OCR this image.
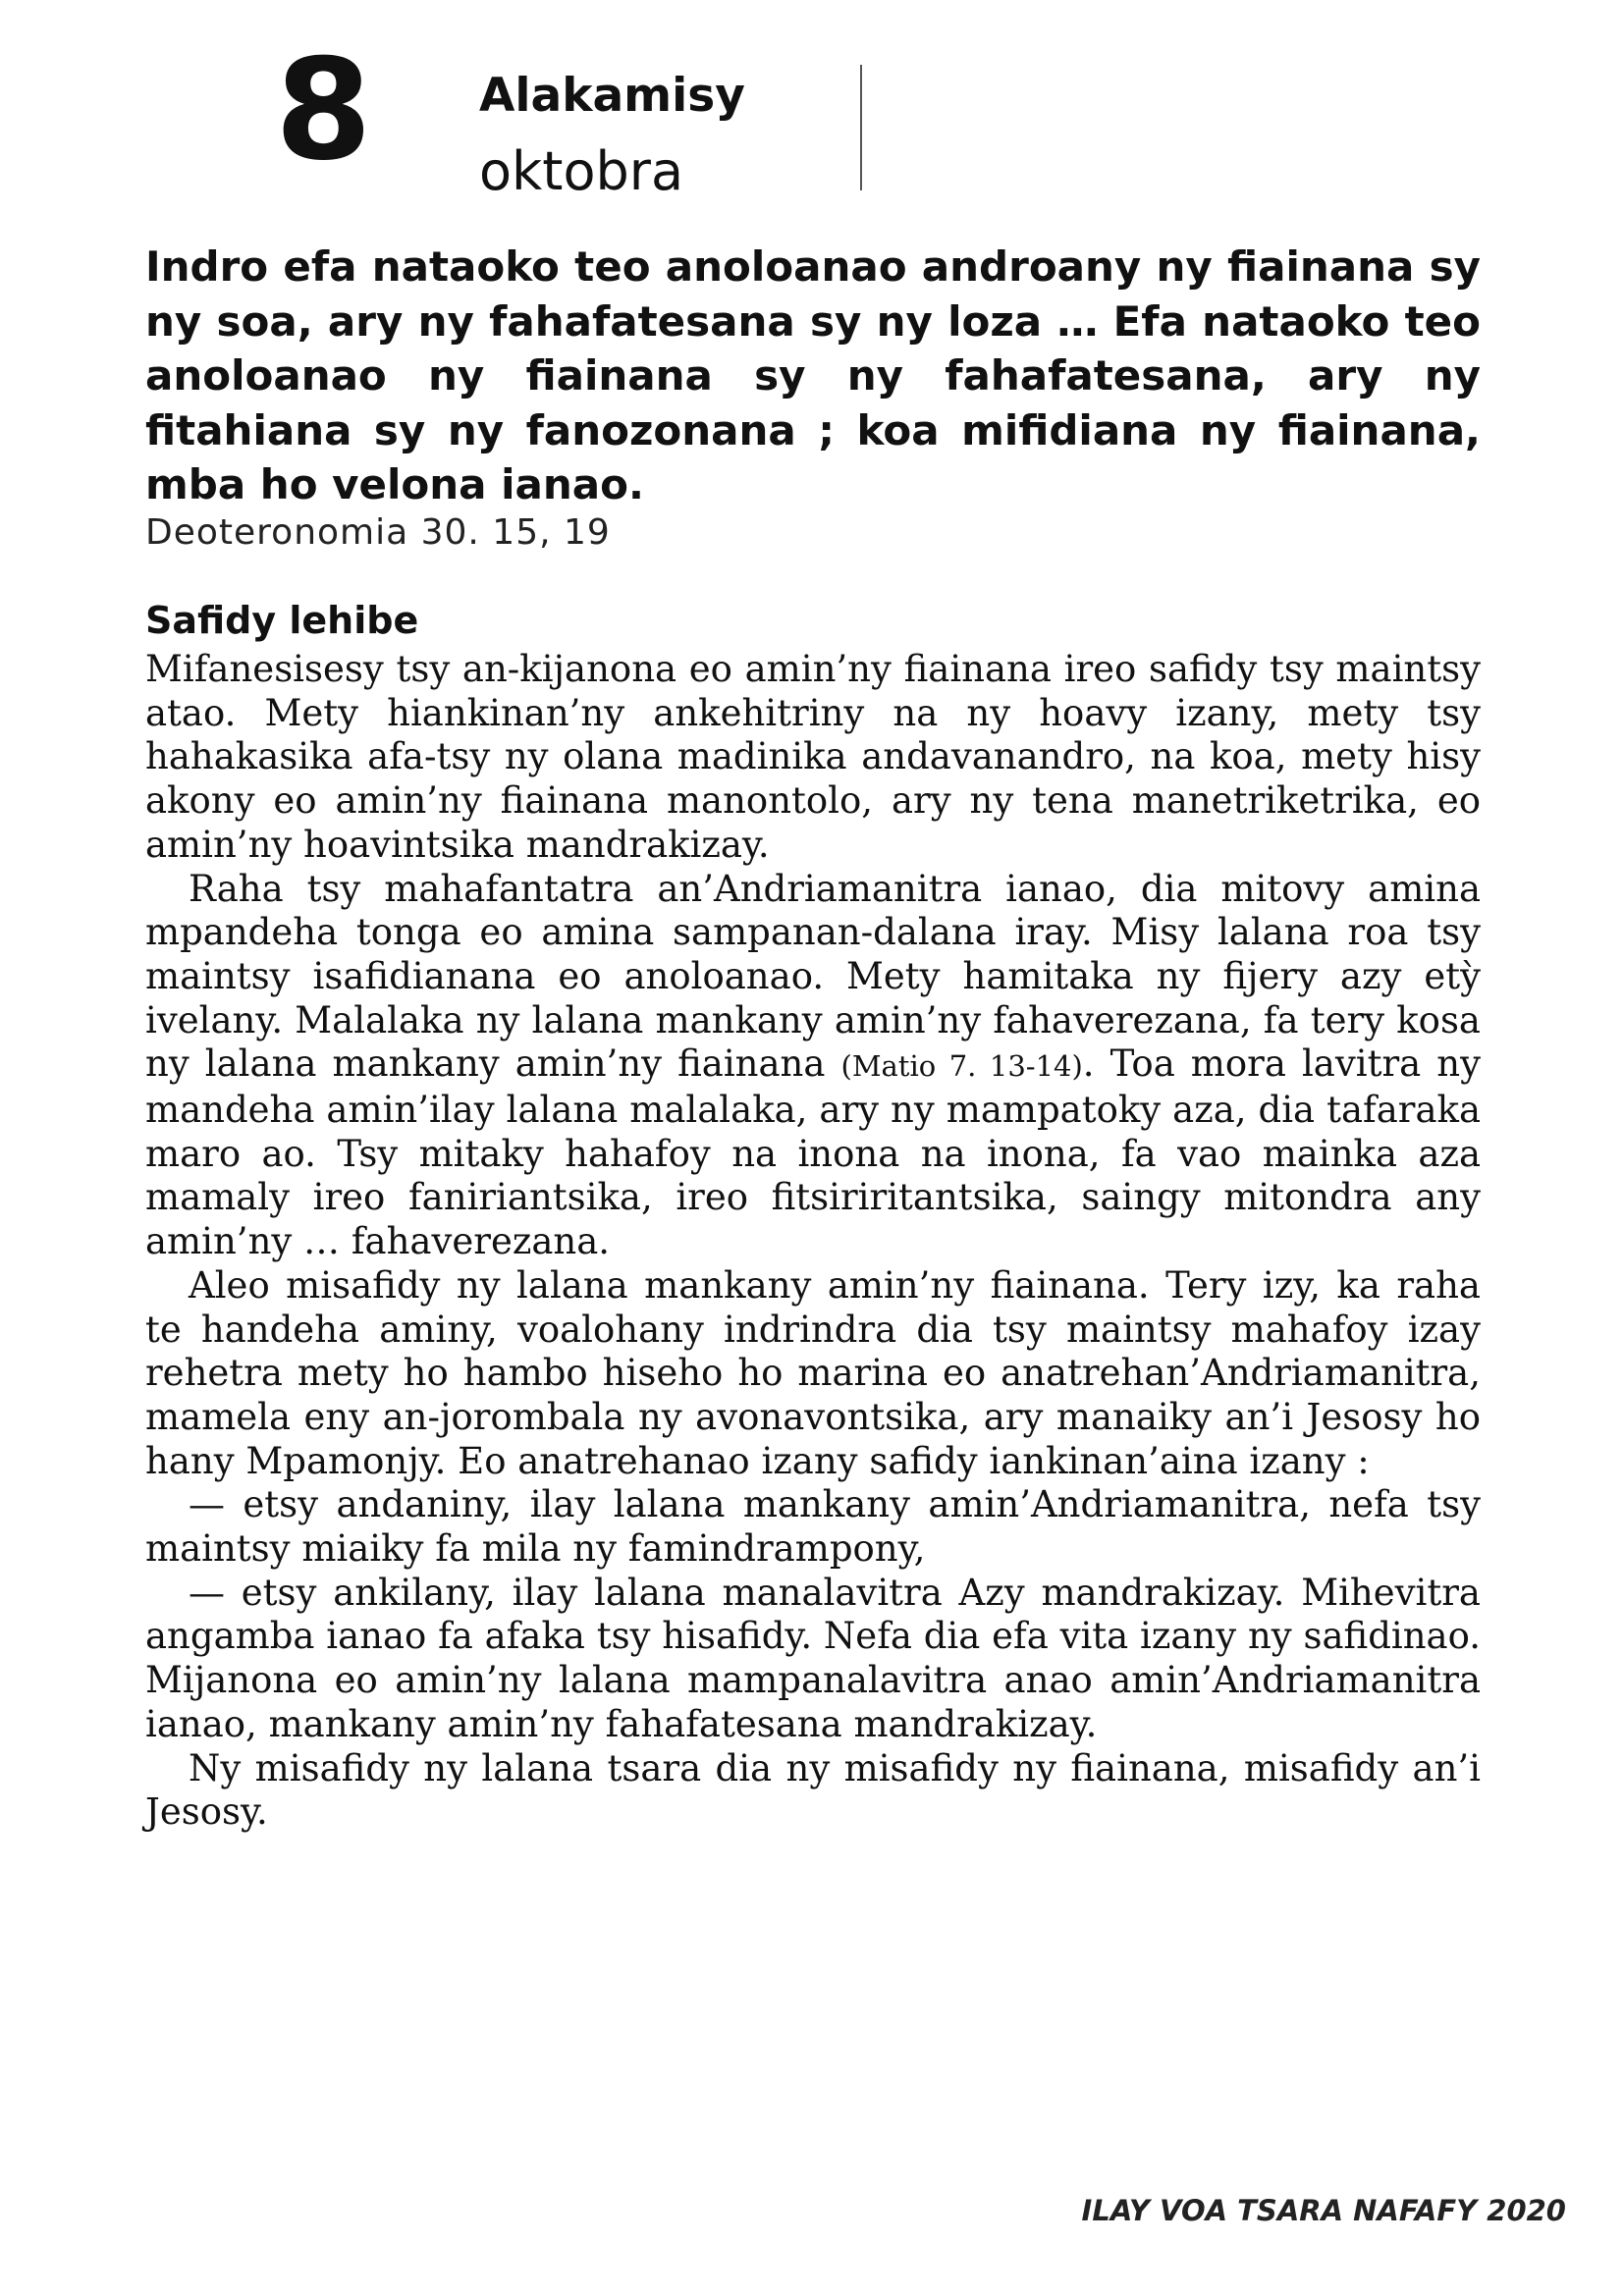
8 Alakamisy
oktobra

Indro efa nataoko teo anoloanao androany ny fiainana sy ny soa, ary ny fahafatesana sy ny loza … Efa nataoko teo anoloanao ny fiainana sy ny fahafatesana, ary ny fitahiana sy ny fanozonana ; koa mifidiana ny fiainana, mba ho velona ianao.

Deoteronomia 30. 15, 19

Safidy lehibe

Mifanesisesy tsy an-kijanona eo amin’ny fiainana ireo safidy tsy maintsy atao. Mety hiankinan’ny ankehitriny na ny hoavy izany, mety tsy hahakasika afa-tsy ny olana madinika andavanandro, na koa, mety hisy akony eo amin’ny fiainana manontolo, ary ny tena manetriketrika, eo amin’ny hoavintsika mandrakizay.

Raha tsy mahafantatra an’Andriamanitra ianao, dia mitovy amina mpandeha tonga eo amina sampanan-dalana iray. Misy lalana roa tsy maintsy isafidianana eo anoloanao. Mety hamitaka ny fijery azy etỳ ivelany. Malalaka ny lalana mankany amin’ny fahaverezana, fa tery kosa ny lalana mankany amin’ny fiainana (Matio 7. 13-14). Toa mora lavitra ny mandeha amin’ilay lalana malalaka, ary ny mampatoky aza, dia tafaraka maro ao. Tsy mitaky hahafoy na inona na inona, fa vao mainka aza mamaly ireo faniriantsika, ireo fitsiriritantsika, saingy mitondra any amin’ny … fahaverezana.

Aleo misafidy ny lalana mankany amin’ny fiainana. Tery izy, ka raha te handeha aminy, voalohany indrindra dia tsy maintsy mahafoy izay rehetra mety ho hambo hiseho ho marina eo anatrehan’Andriamanitra, mamela eny an-jorombala ny avonavontsika, ary manaiky an’i Jesosy ho hany Mpamonjy. Eo anatrehanao izany safidy iankinan’aina izany :

— etsy andaniny, ilay lalana mankany amin’Andriamanitra, nefa tsy maintsy miaiky fa mila ny famindrampony,

— etsy ankilany, ilay lalana manalavitra Azy mandrakizay. Mihevitra angamba ianao fa afaka tsy hisafidy. Nefa dia efa vita izany ny safidinao. Mijanona eo amin’ny lalana mampanalavitra anao amin’Andriamanitra ianao, mankany amin’ny fahafatesana mandrakizay.

Ny misafidy ny lalana tsara dia ny misafidy ny fiainana, misafidy an’i Jesosy.

ILAY VOA TSARA NAFAFY 2020
